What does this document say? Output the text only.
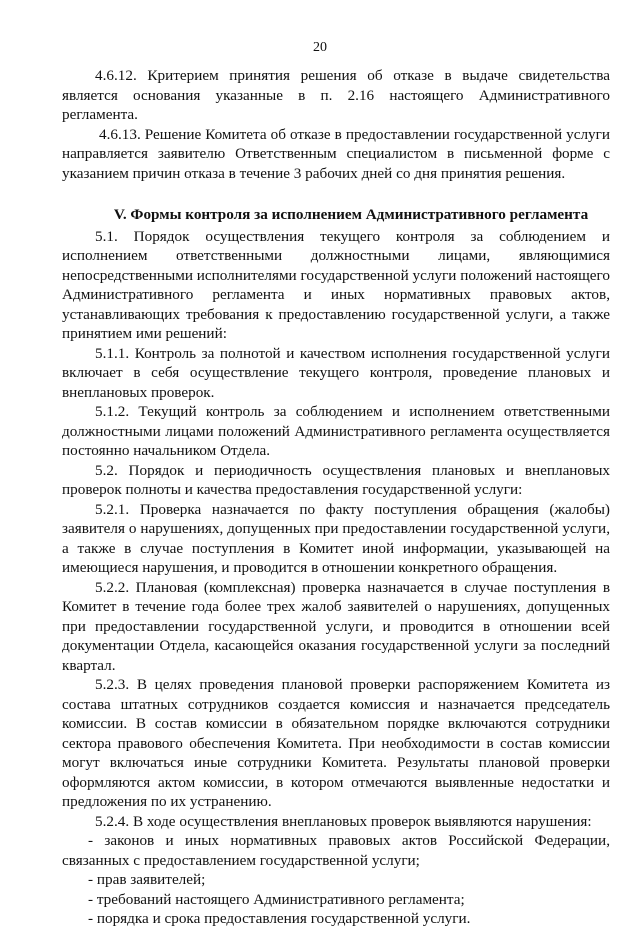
20

4.6.12. Критерием принятия решения об отказе в выдаче свидетельства является основания указанные в п. 2.16 настоящего Административного регламента.

4.6.13. Решение Комитета об отказе в предоставлении государственной услуги направляется заявителю Ответственным специалистом в письменной форме с указанием причин отказа в течение 3 рабочих дней со дня принятия решения.

V. Формы контроля за исполнением Административного регламента

5.1. Порядок осуществления текущего контроля за соблюдением и исполнением ответственными должностными лицами, являющимися непосредственными исполнителями государственной услуги положений настоящего Административного регламента и иных нормативных правовых актов, устанавливающих требования к предоставлению государственной услуги, а также принятием ими решений:

5.1.1. Контроль за полнотой и качеством исполнения государственной услуги включает в себя осуществление текущего контроля, проведение плановых и внеплановых проверок.

5.1.2. Текущий контроль за соблюдением и исполнением ответственными должностными лицами положений Административного регламента осуществляется постоянно начальником Отдела.

5.2. Порядок и периодичность осуществления плановых и внеплановых проверок полноты и качества предоставления государственной услуги:

5.2.1. Проверка назначается по факту поступления обращения (жалобы) заявителя о нарушениях, допущенных при предоставлении государственной услуги, а также в случае поступления в Комитет иной информации, указывающей на имеющиеся нарушения, и проводится в отношении конкретного обращения.

5.2.2. Плановая (комплексная) проверка назначается в случае поступления в Комитет в течение года более трех жалоб заявителей о нарушениях, допущенных при предоставлении государственной услуги, и проводится в отношении всей документации Отдела, касающейся оказания государственной услуги за последний квартал.

5.2.3. В целях проведения плановой проверки распоряжением Комитета из состава штатных сотрудников создается комиссия и назначается председатель комиссии. В состав комиссии в обязательном порядке включаются сотрудники сектора правового обеспечения Комитета. При необходимости в состав комиссии могут включаться иные сотрудники Комитета. Результаты плановой проверки оформляются актом комиссии, в котором отмечаются выявленные недостатки и предложения по их устранению.

5.2.4. В ходе осуществления внеплановых проверок выявляются нарушения:

- законов и иных нормативных правовых актов Российской Федерации, связанных с предоставлением государственной услуги;

- прав заявителей;

- требований настоящего Административного регламента;

- порядка и срока предоставления государственной услуги.
